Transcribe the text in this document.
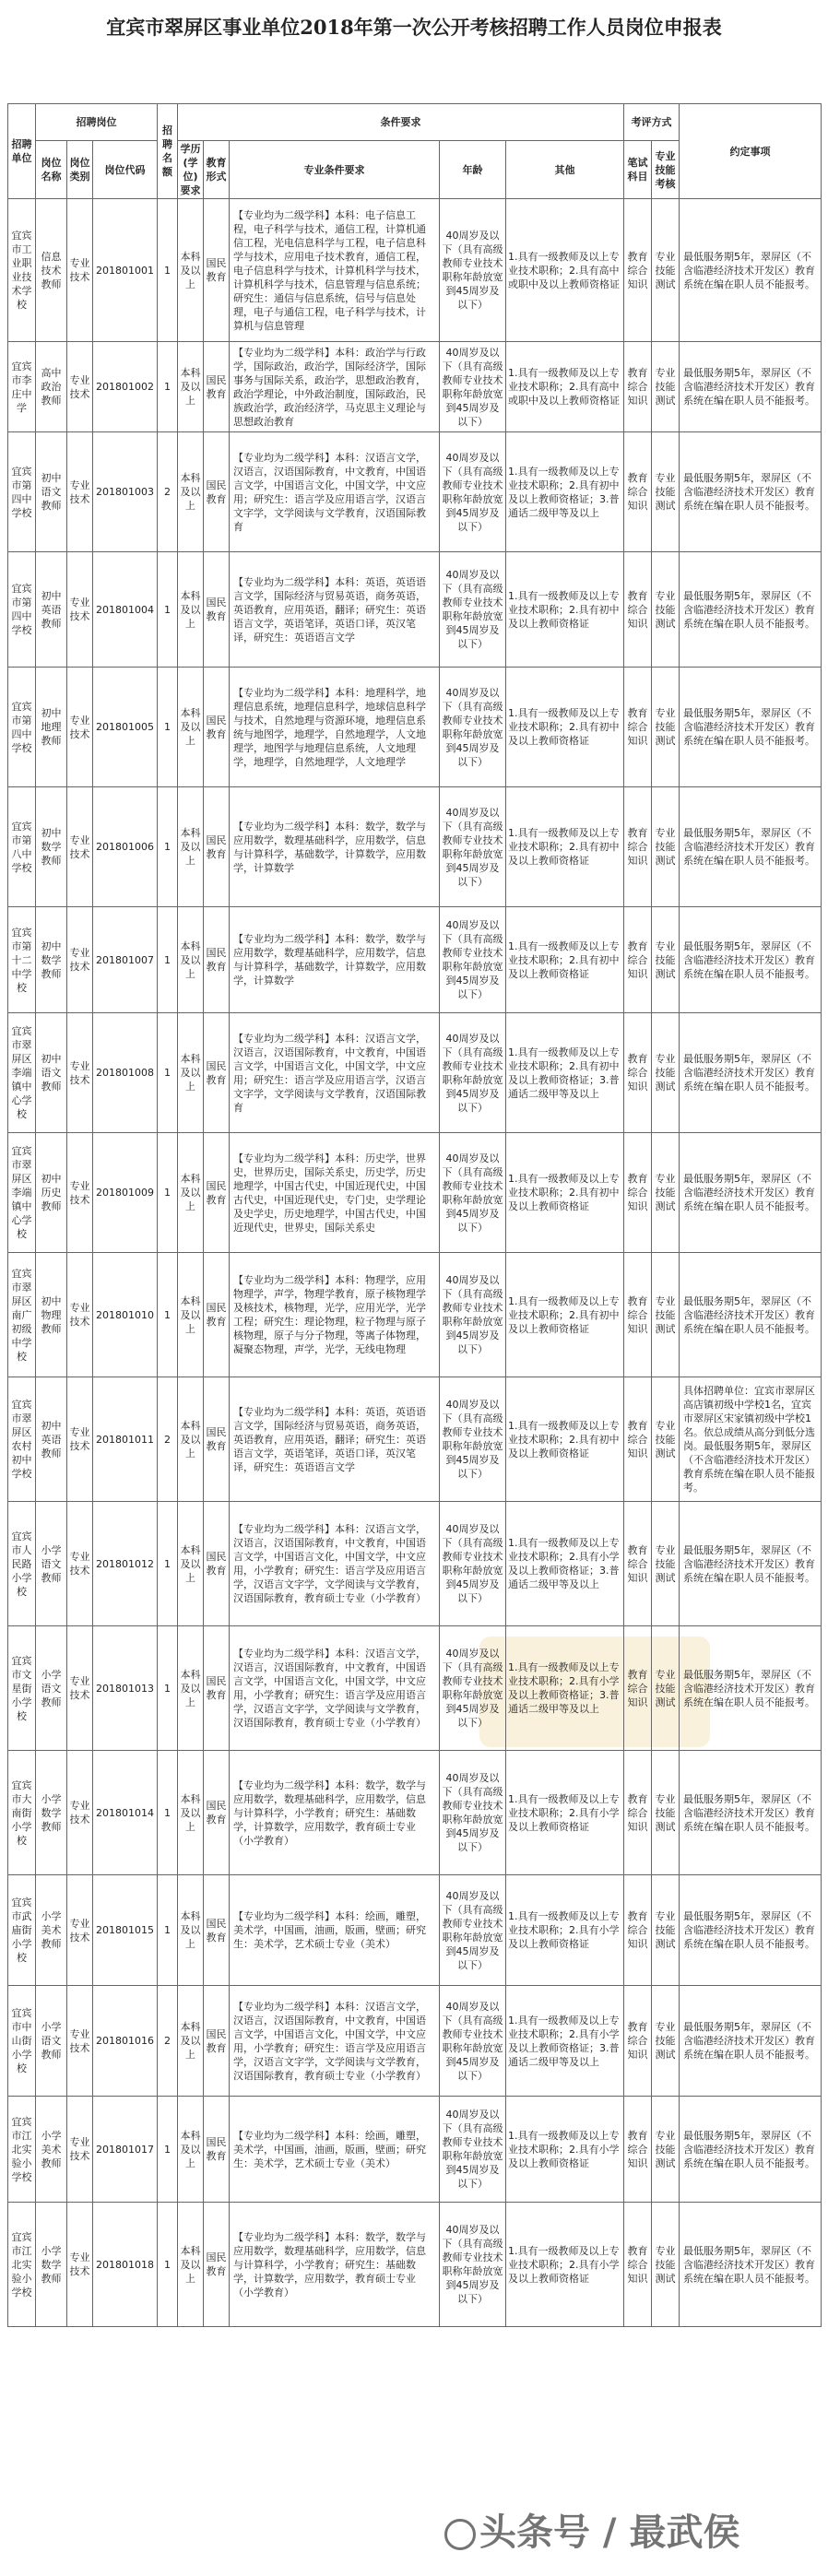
宜宾市翠屏区事业单位2018年第一次公开考核招聘工作人员岗位申报表
招聘单位	招聘岗位			招聘名额	条件要求					考评方式		约定事项
	岗位名称	岗位类别	岗位代码		学历(学位)要求	教育形式	专业条件要求	年龄	其他	笔试科目	专业技能考核	
宜宾市工业职业技术学校	信息技术教师	专业技术	201801001	1	本科及以上	国民教育	【专业均为二级学科】本科：电子信息工程，电子科学与技术，通信工程，计算机通信工程，光电信息科学与工程，电子信息科学与技术，应用电子技术教育，通信工程，电子信息科学与技术，计算机科学与技术，计算机科学与技术，信息管理与信息系统；研究生：通信与信息系统，信号与信息处理，电子与通信工程，电子科学与技术，计算机与信息管理	40周岁及以下（具有高级教师专业技术职称年龄放宽到45周岁及以下）	1.具有一级教师及以上专业技术职称；2.具有高中或职中及以上教师资格证	教育综合知识	专业技能测试	最低服务期5年，翠屏区（不含临港经济技术开发区）教育系统在编在职人员不能报考。
宜宾市李庄中学	高中政治教师	专业技术	201801002	1	本科及以上	国民教育	【专业均为二级学科】本科：政治学与行政学，国际政治，政治学，国际经济学，国际事务与国际关系，政治学，思想政治教育，政治学理论，中外政治制度，国际政治，民族政治学，政治经济学，马克思主义理论与思想政治教育	40周岁及以下（具有高级教师专业技术职称年龄放宽到45周岁及以下）	1.具有一级教师及以上专业技术职称；2.具有高中或职中及以上教师资格证	教育综合知识	专业技能测试	最低服务期5年，翠屏区（不含临港经济技术开发区）教育系统在编在职人员不能报考。
宜宾市第四中学校	初中语文教师	专业技术	201801003	2	本科及以上	国民教育	【专业均为二级学科】本科：汉语言文学，汉语言，汉语国际教育，中文教育，中国语言文学，中国语言文化，中国文学，中文应用；研究生：语言学及应用语言学，汉语言文字学，文学阅读与文学教育，汉语国际教育	40周岁及以下（具有高级教师专业技术职称年龄放宽到45周岁及以下）	1.具有一级教师及以上专业技术职称；2.具有初中及以上教师资格证；3.普通话二级甲等及以上	教育综合知识	专业技能测试	最低服务期5年，翠屏区（不含临港经济技术开发区）教育系统在编在职人员不能报考。
宜宾市第四中学校	初中英语教师	专业技术	201801004	1	本科及以上	国民教育	【专业均为二级学科】本科：英语，英语语言文学，国际经济与贸易英语，商务英语，英语教育，应用英语，翻译；研究生：英语语言文学，英语笔译，英语口译，英汉笔译，研究生：英语语言文学	40周岁及以下（具有高级教师专业技术职称年龄放宽到45周岁及以下）	1.具有一级教师及以上专业技术职称；2.具有初中及以上教师资格证	教育综合知识	专业技能测试	最低服务期5年，翠屏区（不含临港经济技术开发区）教育系统在编在职人员不能报考。
宜宾市第四中学校	初中地理教师	专业技术	201801005	1	本科及以上	国民教育	【专业均为二级学科】本科：地理科学，地理信息系统，地理信息科学，地球信息科学与技术，自然地理与资源环境，地理信息系统与地图学，地理学，自然地理学，人文地理学，地图学与地理信息系统，人文地理学，地理学，自然地理学，人文地理学	40周岁及以下（具有高级教师专业技术职称年龄放宽到45周岁及以下）	1.具有一级教师及以上专业技术职称；2.具有初中及以上教师资格证	教育综合知识	专业技能测试	最低服务期5年，翠屏区（不含临港经济技术开发区）教育系统在编在职人员不能报考。
宜宾市第八中学校	初中数学教师	专业技术	201801006	1	本科及以上	国民教育	【专业均为二级学科】本科：数学，数学与应用数学，数理基础科学，应用数学，信息与计算科学，基础数学，计算数学，应用数学，计算数学	40周岁及以下（具有高级教师专业技术职称年龄放宽到45周岁及以下）	1.具有一级教师及以上专业技术职称；2.具有初中及以上教师资格证	教育综合知识	专业技能测试	最低服务期5年，翠屏区（不含临港经济技术开发区）教育系统在编在职人员不能报考。
宜宾市第十二中学校	初中数学教师	专业技术	201801007	1	本科及以上	国民教育	【专业均为二级学科】本科：数学，数学与应用数学，数理基础科学，应用数学，信息与计算科学，基础数学，计算数学，应用数学，计算数学	40周岁及以下（具有高级教师专业技术职称年龄放宽到45周岁及以下）	1.具有一级教师及以上专业技术职称；2.具有初中及以上教师资格证	教育综合知识	专业技能测试	最低服务期5年，翠屏区（不含临港经济技术开发区）教育系统在编在职人员不能报考。
宜宾市翠屏区李端镇中心学校	初中语文教师	专业技术	201801008	1	本科及以上	国民教育	【专业均为二级学科】本科：汉语言文学，汉语言，汉语国际教育，中文教育，中国语言文学，中国语言文化，中国文学，中文应用；研究生：语言学及应用语言学，汉语言文字学，文学阅读与文学教育，汉语国际教育	40周岁及以下（具有高级教师专业技术职称年龄放宽到45周岁及以下）	1.具有一级教师及以上专业技术职称；2.具有初中及以上教师资格证；3.普通话二级甲等及以上	教育综合知识	专业技能测试	最低服务期5年，翠屏区（不含临港经济技术开发区）教育系统在编在职人员不能报考。
宜宾市翠屏区李端镇中心学校	初中历史教师	专业技术	201801009	1	本科及以上	国民教育	【专业均为二级学科】本科：历史学，世界史，世界历史，国际关系史，历史学，历史地理学，中国古代史，中国近现代史，中国古代史，中国近现代史，专门史，史学理论及史学史，历史地理学，中国古代史，中国近现代史，世界史，国际关系史	40周岁及以下（具有高级教师专业技术职称年龄放宽到45周岁及以下）	1.具有一级教师及以上专业技术职称；2.具有初中及以上教师资格证	教育综合知识	专业技能测试	最低服务期5年，翠屏区（不含临港经济技术开发区）教育系统在编在职人员不能报考。
宜宾市翠屏区南广初级中学校	初中物理教师	专业技术	201801010	1	本科及以上	国民教育	【专业均为二级学科】本科：物理学，应用物理学，声学，物理学教育，原子核物理学及核技术，核物理，光学，应用光学，光学工程；研究生：理论物理，粒子物理与原子核物理，原子与分子物理，等离子体物理，凝聚态物理，声学，光学，无线电物理	40周岁及以下（具有高级教师专业技术职称年龄放宽到45周岁及以下）	1.具有一级教师及以上专业技术职称；2.具有初中及以上教师资格证	教育综合知识	专业技能测试	最低服务期5年，翠屏区（不含临港经济技术开发区）教育系统在编在职人员不能报考。
宜宾市翠屏区农村初中学校	初中英语教师	专业技术	201801011	2	本科及以上	国民教育	【专业均为二级学科】本科：英语，英语语言文学，国际经济与贸易英语，商务英语，英语教育，应用英语，翻译；研究生：英语语言文学，英语笔译，英语口译，英汉笔译，研究生：英语语言文学	40周岁及以下（具有高级教师专业技术职称年龄放宽到45周岁及以下）	1.具有一级教师及以上专业技术职称；2.具有初中及以上教师资格证	教育综合知识	专业技能测试	具体招聘单位：宜宾市翠屏区高店镇初级中学校1名，宜宾市翠屏区宋家镇初级中学校1名。依总成绩从高分到低分选岗。最低服务期5年，翠屏区（不含临港经济技术开发区）教育系统在编在职人员不能报考。
宜宾市人民路小学校	小学语文教师	专业技术	201801012	1	本科及以上	国民教育	【专业均为二级学科】本科：汉语言文学，汉语言，汉语国际教育，中文教育，中国语言文学，中国语言文化，中国文学，中文应用，小学教育；研究生：语言学及应用语言学，汉语言文字学，文学阅读与文学教育，汉语国际教育，教育硕士专业（小学教育）	40周岁及以下（具有高级教师专业技术职称年龄放宽到45周岁及以下）	1.具有一级教师及以上专业技术职称；2.具有小学及以上教师资格证；3.普通话二级甲等及以上	教育综合知识	专业技能测试	最低服务期5年，翠屏区（不含临港经济技术开发区）教育系统在编在职人员不能报考。
宜宾市文星街小学校	小学语文教师	专业技术	201801013	1	本科及以上	国民教育	【专业均为二级学科】本科：汉语言文学，汉语言，汉语国际教育，中文教育，中国语言文学，中国语言文化，中国文学，中文应用，小学教育；研究生：语言学及应用语言学，汉语言文字学，文学阅读与文学教育，汉语国际教育，教育硕士专业（小学教育）	40周岁及以下（具有高级教师专业技术职称年龄放宽到45周岁及以下）	1.具有一级教师及以上专业技术职称；2.具有小学及以上教师资格证；3.普通话二级甲等及以上	教育综合知识	专业技能测试	最低服务期5年，翠屏区（不含临港经济技术开发区）教育系统在编在职人员不能报考。
宜宾市大南街小学校	小学数学教师	专业技术	201801014	1	本科及以上	国民教育	【专业均为二级学科】本科：数学，数学与应用数学，数理基础科学，应用数学，信息与计算科学，小学教育；研究生：基础数学，计算数学，应用数学，教育硕士专业（小学教育）	40周岁及以下（具有高级教师专业技术职称年龄放宽到45周岁及以下）	1.具有一级教师及以上专业技术职称；2.具有小学及以上教师资格证	教育综合知识	专业技能测试	最低服务期5年，翠屏区（不含临港经济技术开发区）教育系统在编在职人员不能报考。
宜宾市武庙街小学校	小学美术教师	专业技术	201801015	1	本科及以上	国民教育	【专业均为二级学科】本科：绘画，雕塑，美术学，中国画，油画，版画，壁画；研究生：美术学，艺术硕士专业（美术）	40周岁及以下（具有高级教师专业技术职称年龄放宽到45周岁及以下）	1.具有一级教师及以上专业技术职称；2.具有小学及以上教师资格证	教育综合知识	专业技能测试	最低服务期5年，翠屏区（不含临港经济技术开发区）教育系统在编在职人员不能报考。
宜宾市中山街小学校	小学语文教师	专业技术	201801016	2	本科及以上	国民教育	【专业均为二级学科】本科：汉语言文学，汉语言，汉语国际教育，中文教育，中国语言文学，中国语言文化，中国文学，中文应用，小学教育；研究生：语言学及应用语言学，汉语言文字学，文学阅读与文学教育，汉语国际教育，教育硕士专业（小学教育）	40周岁及以下（具有高级教师专业技术职称年龄放宽到45周岁及以下）	1.具有一级教师及以上专业技术职称；2.具有小学及以上教师资格证；3.普通话二级甲等及以上	教育综合知识	专业技能测试	最低服务期5年，翠屏区（不含临港经济技术开发区）教育系统在编在职人员不能报考。
宜宾市江北实验小学校	小学美术教师	专业技术	201801017	1	本科及以上	国民教育	【专业均为二级学科】本科：绘画，雕塑，美术学，中国画，油画，版画，壁画；研究生：美术学，艺术硕士专业（美术）	40周岁及以下（具有高级教师专业技术职称年龄放宽到45周岁及以下）	1.具有一级教师及以上专业技术职称；2.具有小学及以上教师资格证	教育综合知识	专业技能测试	最低服务期5年，翠屏区（不含临港经济技术开发区）教育系统在编在职人员不能报考。
宜宾市江北实验小学校	小学数学教师	专业技术	201801018	1	本科及以上	国民教育	【专业均为二级学科】本科：数学，数学与应用数学，数理基础科学，应用数学，信息与计算科学，小学教育；研究生：基础数学，计算数学，应用数学，教育硕士专业（小学教育）	40周岁及以下（具有高级教师专业技术职称年龄放宽到45周岁及以下）	1.具有一级教师及以上专业技术职称；2.具有小学及以上教师资格证	教育综合知识	专业技能测试	最低服务期5年，翠屏区（不含临港经济技术开发区）教育系统在编在职人员不能报考。
头条号 / 最武侯
